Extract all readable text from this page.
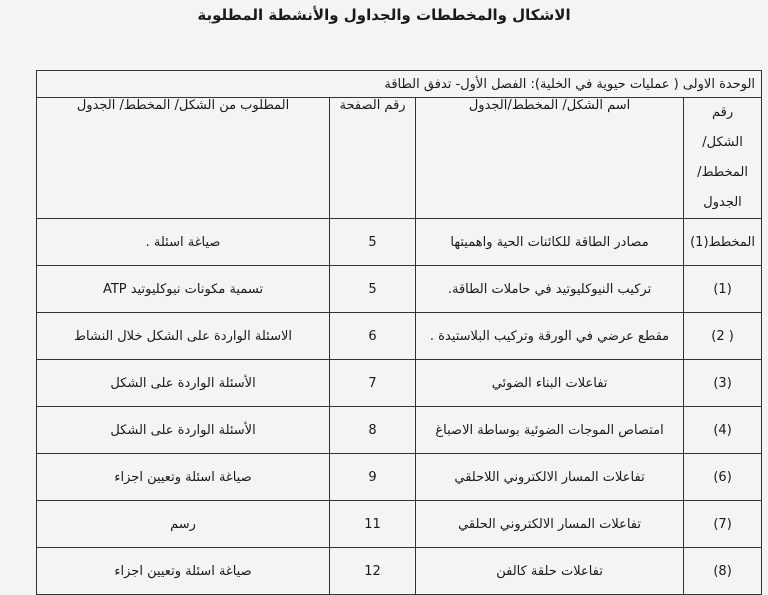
الاشكال والمخططات والجداول والأنشطة المطلوبة
الوحدة الاولى ( عمليات حيوية في الخلية): الفصل الأول- تدفق الطاقة			
رقم الشكل/ المخطط/ الجدول	اسم الشكل/ المخطط/الجدول	رقم الصفحة	المطلوب من الشكل/ المخطط/ الجدول
المخطط(1)	مصادر الطاقة للكائنات الحية واهميتها	5	صياغة اسئلة .
(1)	تركيب النيوكليوتيد في حاملات الطاقة.	5	تسمية مكونات نيوكليوتيد ATP
( 2)	مقطع عرضي في الورقة وتركيب البلاستيدة .	6	الاسئلة الواردة على الشكل خلال النشاط
(3)	تفاعلات البناء الضوئي	7	الأسئلة الواردة على الشكل
(4)	امتصاص الموجات الضوئية بوساطة الاصباغ	8	الأسئلة الواردة على الشكل
(6)	تفاعلات المسار الالكتروني اللاحلقي	9	صياغة اسئلة وتعيين اجزاء
(7)	تفاعلات المسار الالكتروني الحلقي	11	رسم
(8)	تفاعلات حلقة كالفن	12	صياغة اسئلة وتعيين اجزاء
